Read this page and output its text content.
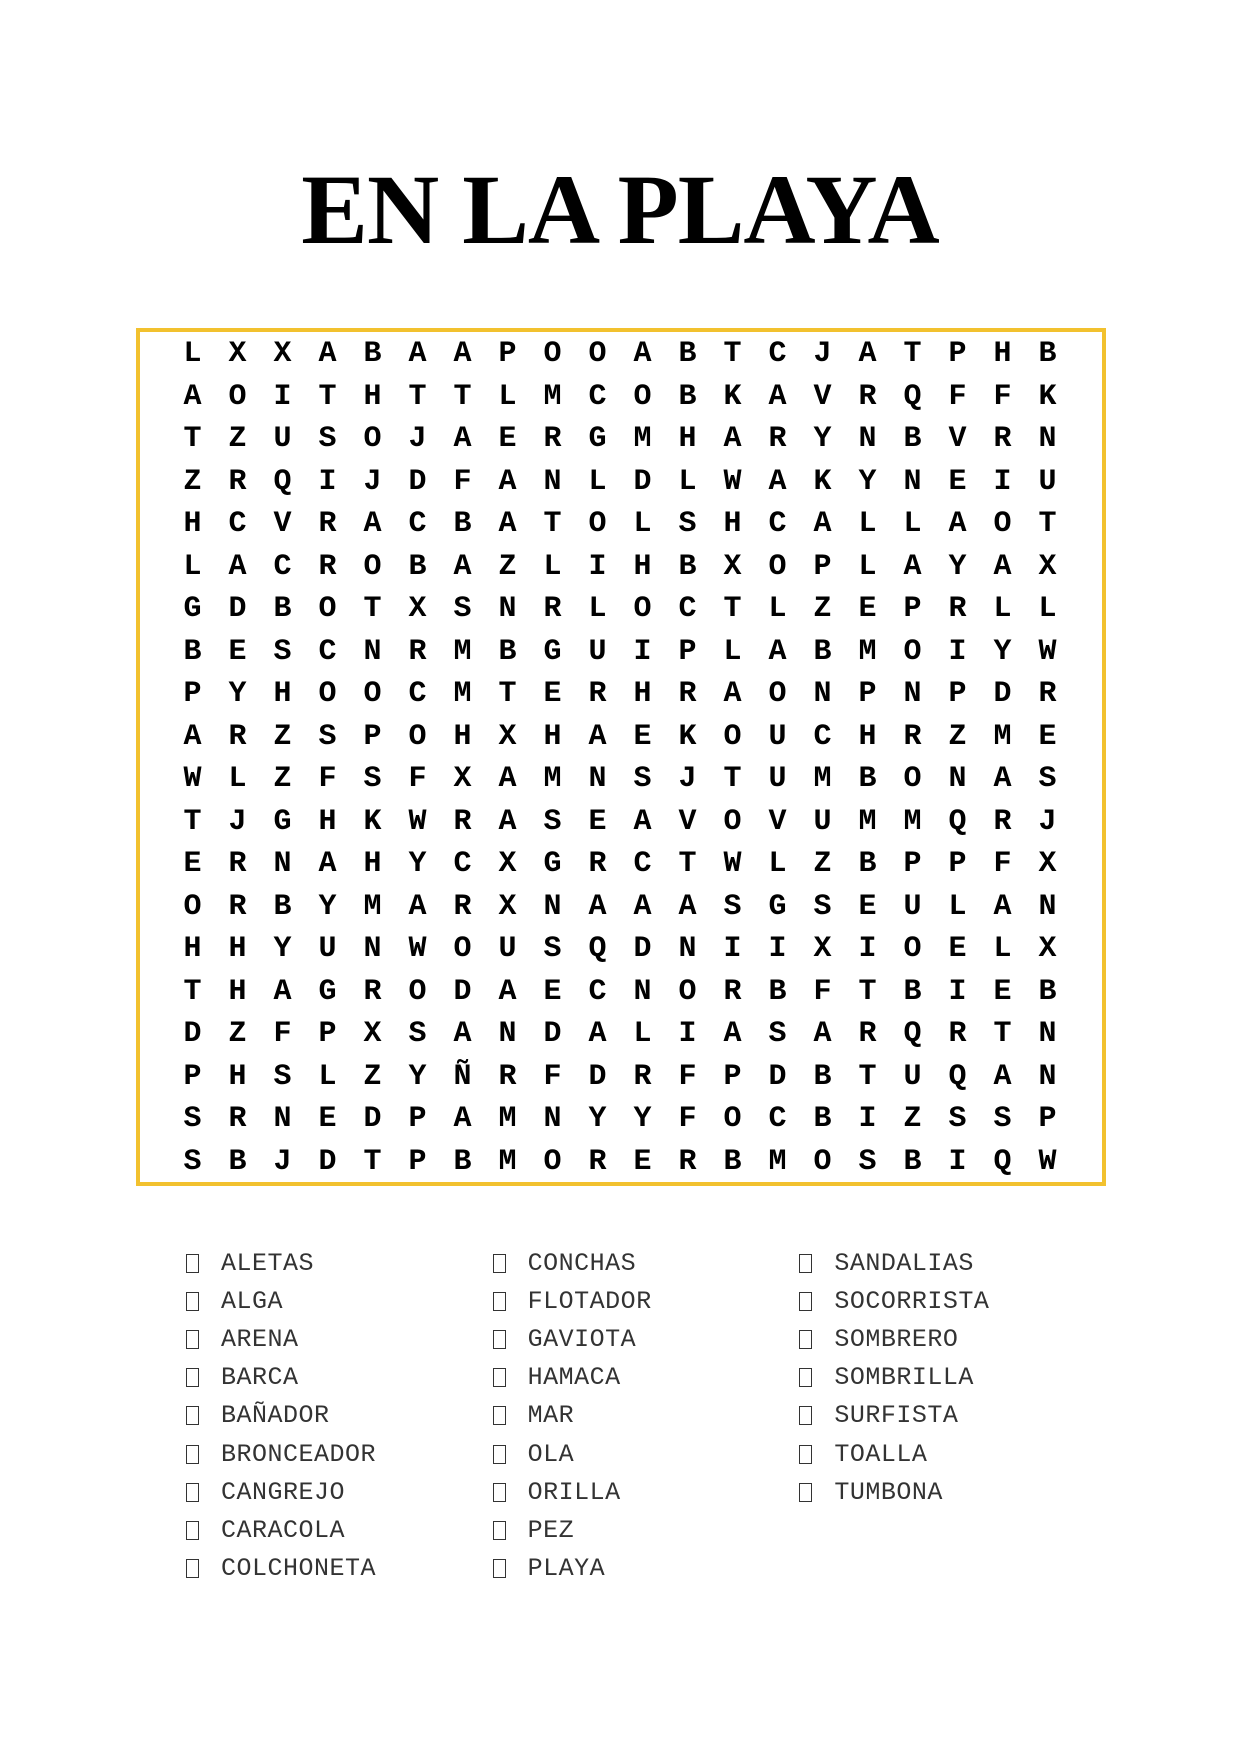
EN LA PLAYA
L X X A B A A P O O A B T C J A T P H B
A O I T H T T L M C O B K A V R Q F F K
T Z U S O J A E R G M H A R Y N B V R N
Z R Q I J D F A N L D L W A K Y N E I U
H C V R A C B A T O L S H C A L L A O T
L A C R O B A Z L I H B X O P L A Y A X
G D B O T X S N R L O C T L Z E P R L L
B E S C N R M B G U I P L A B M O I Y W
P Y H O O C M T E R H R A O N P N P D R
A R Z S P O H X H A E K O U C H R Z M E
W L Z F S F X A M N S J T U M B O N A S
T J G H K W R A S E A V O V U M M Q R J
E R N A H Y C X G R C T W L Z B P P F X
O R B Y M A R X N A A A S G S E U L A N
H H Y U N W O U S Q D N I I X I O E L X
T H A G R O D A E C N O R B F T B I E B
D Z F P X S A N D A L I A S A R Q R T N
P H S L Z Y Ñ R F D R F P D B T U Q A N
S R N E D P A M N Y Y F O C B I Z S S P
S B J D T P B M O R E R B M O S B I Q W
ALETAS
ALGA
ARENA
BARCA
BAÑADOR
BRONCEADOR
CANGREJO
CARACOLA
COLCHONETA
CONCHAS
FLOTADOR
GAVIOTA
HAMACA
MAR
OLA
ORILLA
PEZ
PLAYA
SANDALIAS
SOCORRISTA
SOMBRERO
SOMBRILLA
SURFISTA
TOALLA
TUMBONA
